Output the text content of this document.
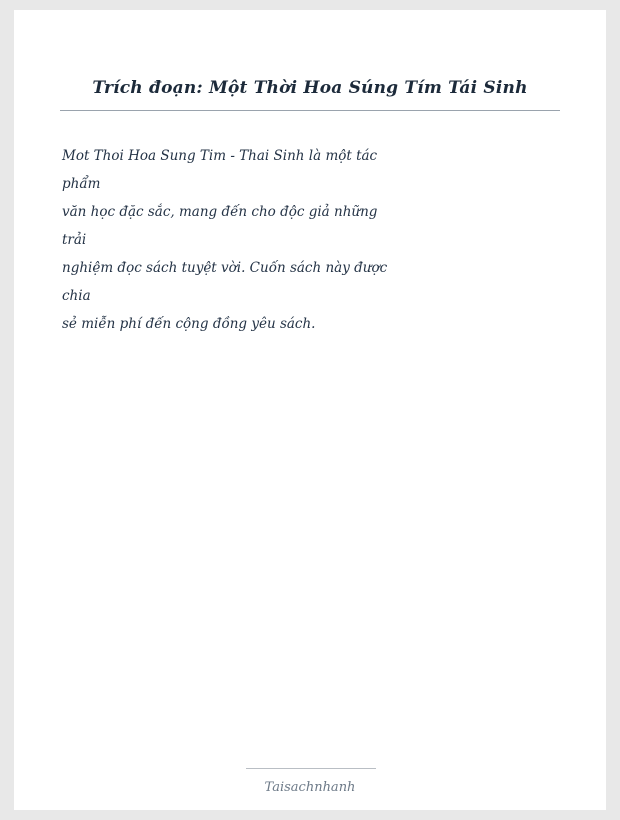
Trích đoạn: Một Thời Hoa Súng Tím Tái Sinh
Mot Thoi Hoa Sung Tim - Thai Sinh là một tác
phẩm
văn học đặc sắc, mang đến cho độc giả những
trải
nghiệm đọc sách tuyệt vời. Cuốn sách này được
chia
sẻ miễn phí đến cộng đồng yêu sách.
Taisachnhanh
